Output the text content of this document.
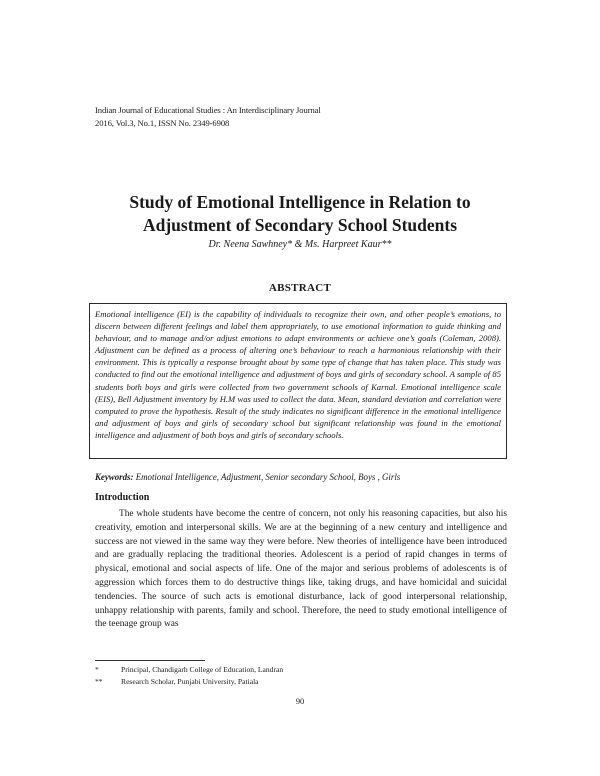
Indian Journal of Educational Studies : An Interdisciplinary Journal
2016, Vol.3, No.1, ISSN No. 2349-6908
Study of Emotional Intelligence in Relation to
Adjustment of Secondary School Students
Dr. Neena Sawhney* & Ms. Harpreet Kaur**
ABSTRACT
Emotional intelligence (EI) is the capability of individuals to recognize their own, and other people’s emotions, to discern between different feelings and label them appropriately, to use emotional information to guide thinking and behaviour, and to manage and/or adjust emotions to adapt environments or achieve one’s goals (Coleman, 2008). Adjustment can be defined as a process of altering one’s behaviour to reach a harmonious relationship with their environment. This is typically a response brought about by some type of change that has taken place. This study was conducted to find out the emotional intelligence and adjustment of boys and girls of secondary school. A sample of 85 students both boys and girls were collected from two government schools of Karnal. Emotional intelligence scale (EIS), Bell Adjustment inventory by H.M was used to collect the data. Mean, standard deviation and correlation were computed to prove the hypothesis. Result of the study indicates no significant difference in the emotional intelligence and adjustment of boys and girls of secondary school but significant relationship was found in the emotional intelligence and adjustment of both boys and girls of secondary schools.
Keywords: Emotional Intelligence, Adjustment, Senior secondary School, Boys , Girls
Introduction
The whole students have become the centre of concern, not only his reasoning capacities, but also his creativity, emotion and interpersonal skills. We are at the beginning of a new century and intelligence and success are not viewed in the same way they were before. New theories of intelligence have been introduced and are gradually replacing the traditional theories. Adolescent is a period of rapid changes in terms of physical, emotional and social aspects of life. One of the major and serious problems of adolescents is of aggression which forces them to do destructive things like, taking drugs, and have homicidal and suicidal tendencies. The source of such acts is emotional disturbance, lack of good interpersonal relationship, unhappy relationship with parents, family and school. Therefore, the need to study emotional intelligence of the teenage group was
*	Principal, Chandigarh College of Education, Landran
** Research Scholar, Punjabi University, Patiala
90
